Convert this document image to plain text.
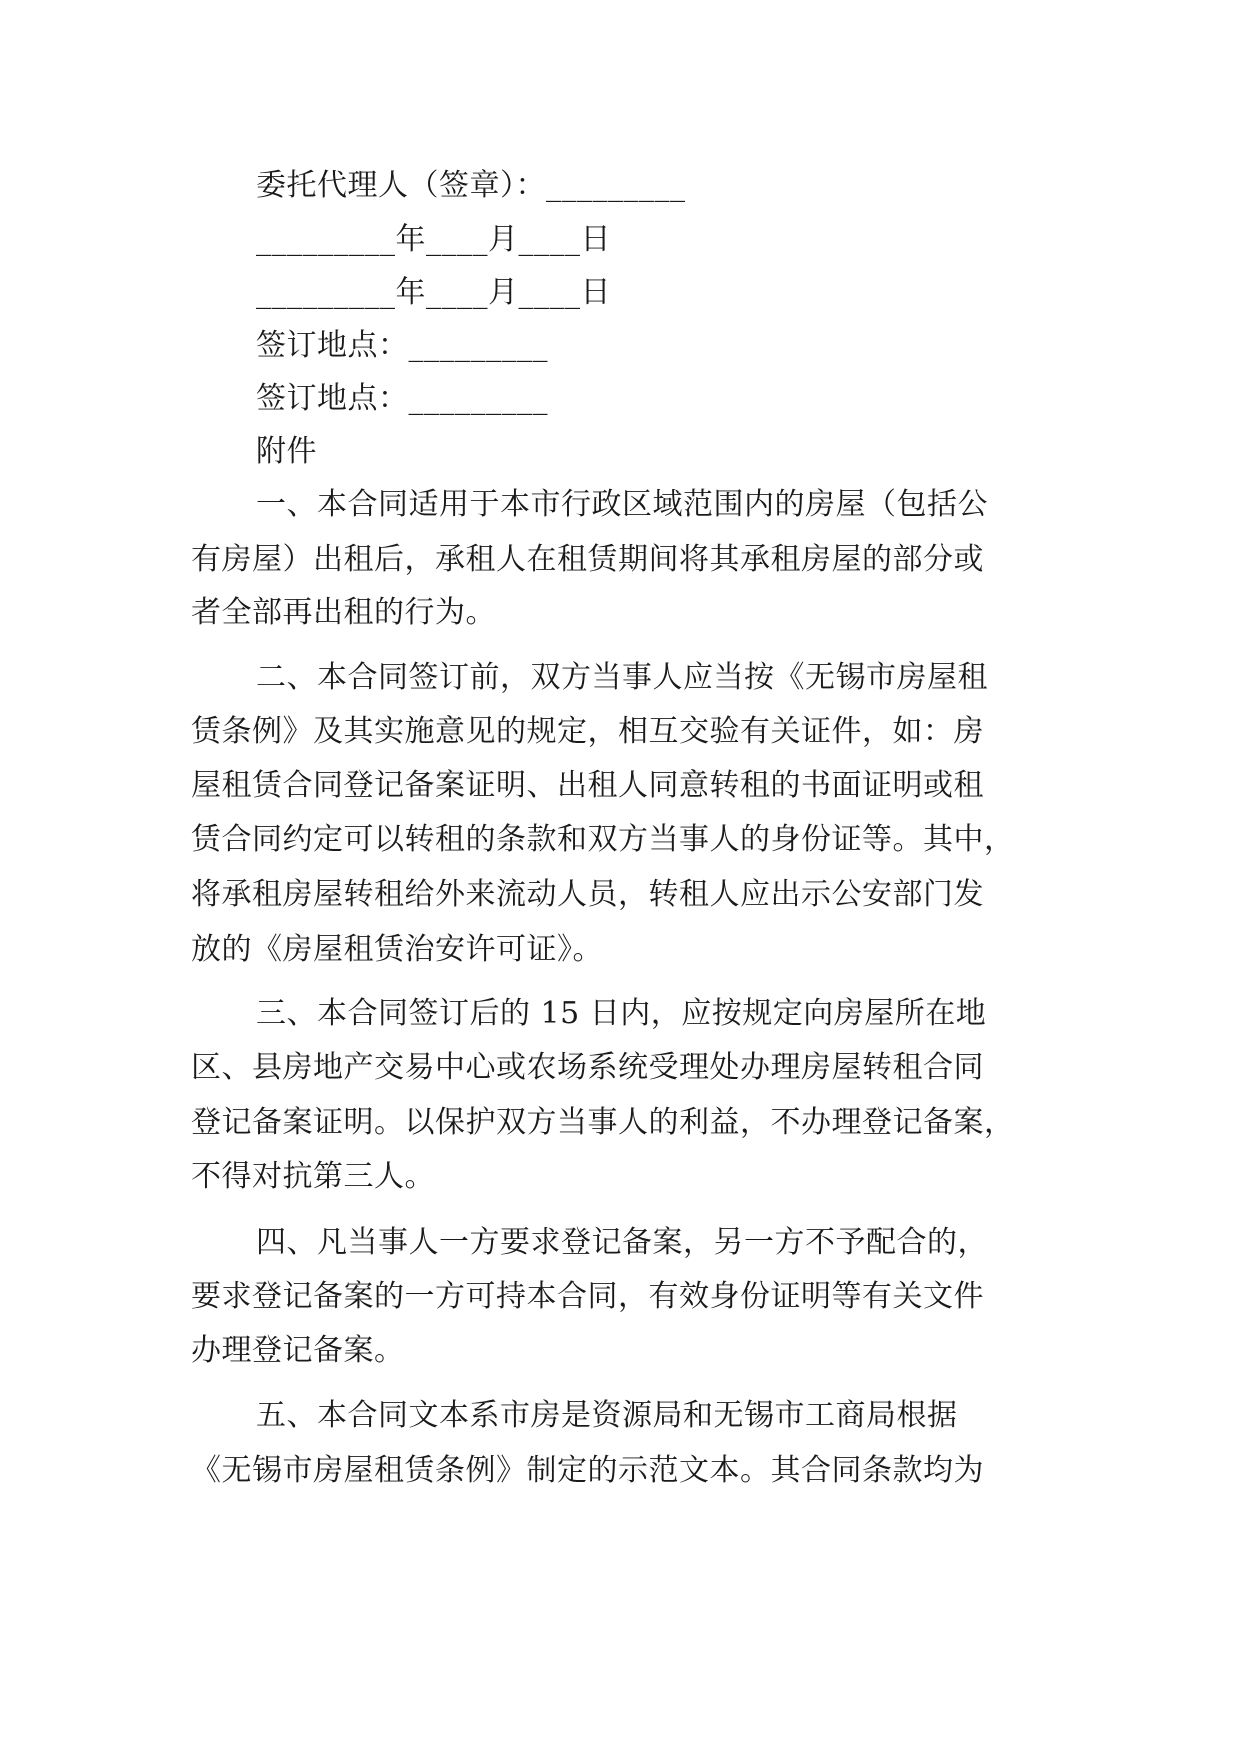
委托代理人（签章）：_________
_________年____月____日
_________年____月____日
签订地点：_________
签订地点：_________
附件
一、本合同适用于本市行政区域范围内的房屋（包括公
有房屋）出租后，承租人在租赁期间将其承租房屋的部分或
者全部再出租的行为。
二、本合同签订前，双方当事人应当按《无锡市房屋租
赁条例》及其实施意见的规定，相互交验有关证件，如：房
屋租赁合同登记备案证明、出租人同意转租的书面证明或租
赁合同约定可以转租的条款和双方当事人的身份证等。其中，
将承租房屋转租给外来流动人员，转租人应出示公安部门发
放的《房屋租赁治安许可证》。
三、本合同签订后的 15 日内，应按规定向房屋所在地
区、县房地产交易中心或农场系统受理处办理房屋转租合同
登记备案证明。以保护双方当事人的利益，不办理登记备案，
不得对抗第三人。
四、凡当事人一方要求登记备案，另一方不予配合的，
要求登记备案的一方可持本合同，有效身份证明等有关文件
办理登记备案。
五、本合同文本系市房是资源局和无锡市工商局根据
《无锡市房屋租赁条例》制定的示范文本。其合同条款均为
